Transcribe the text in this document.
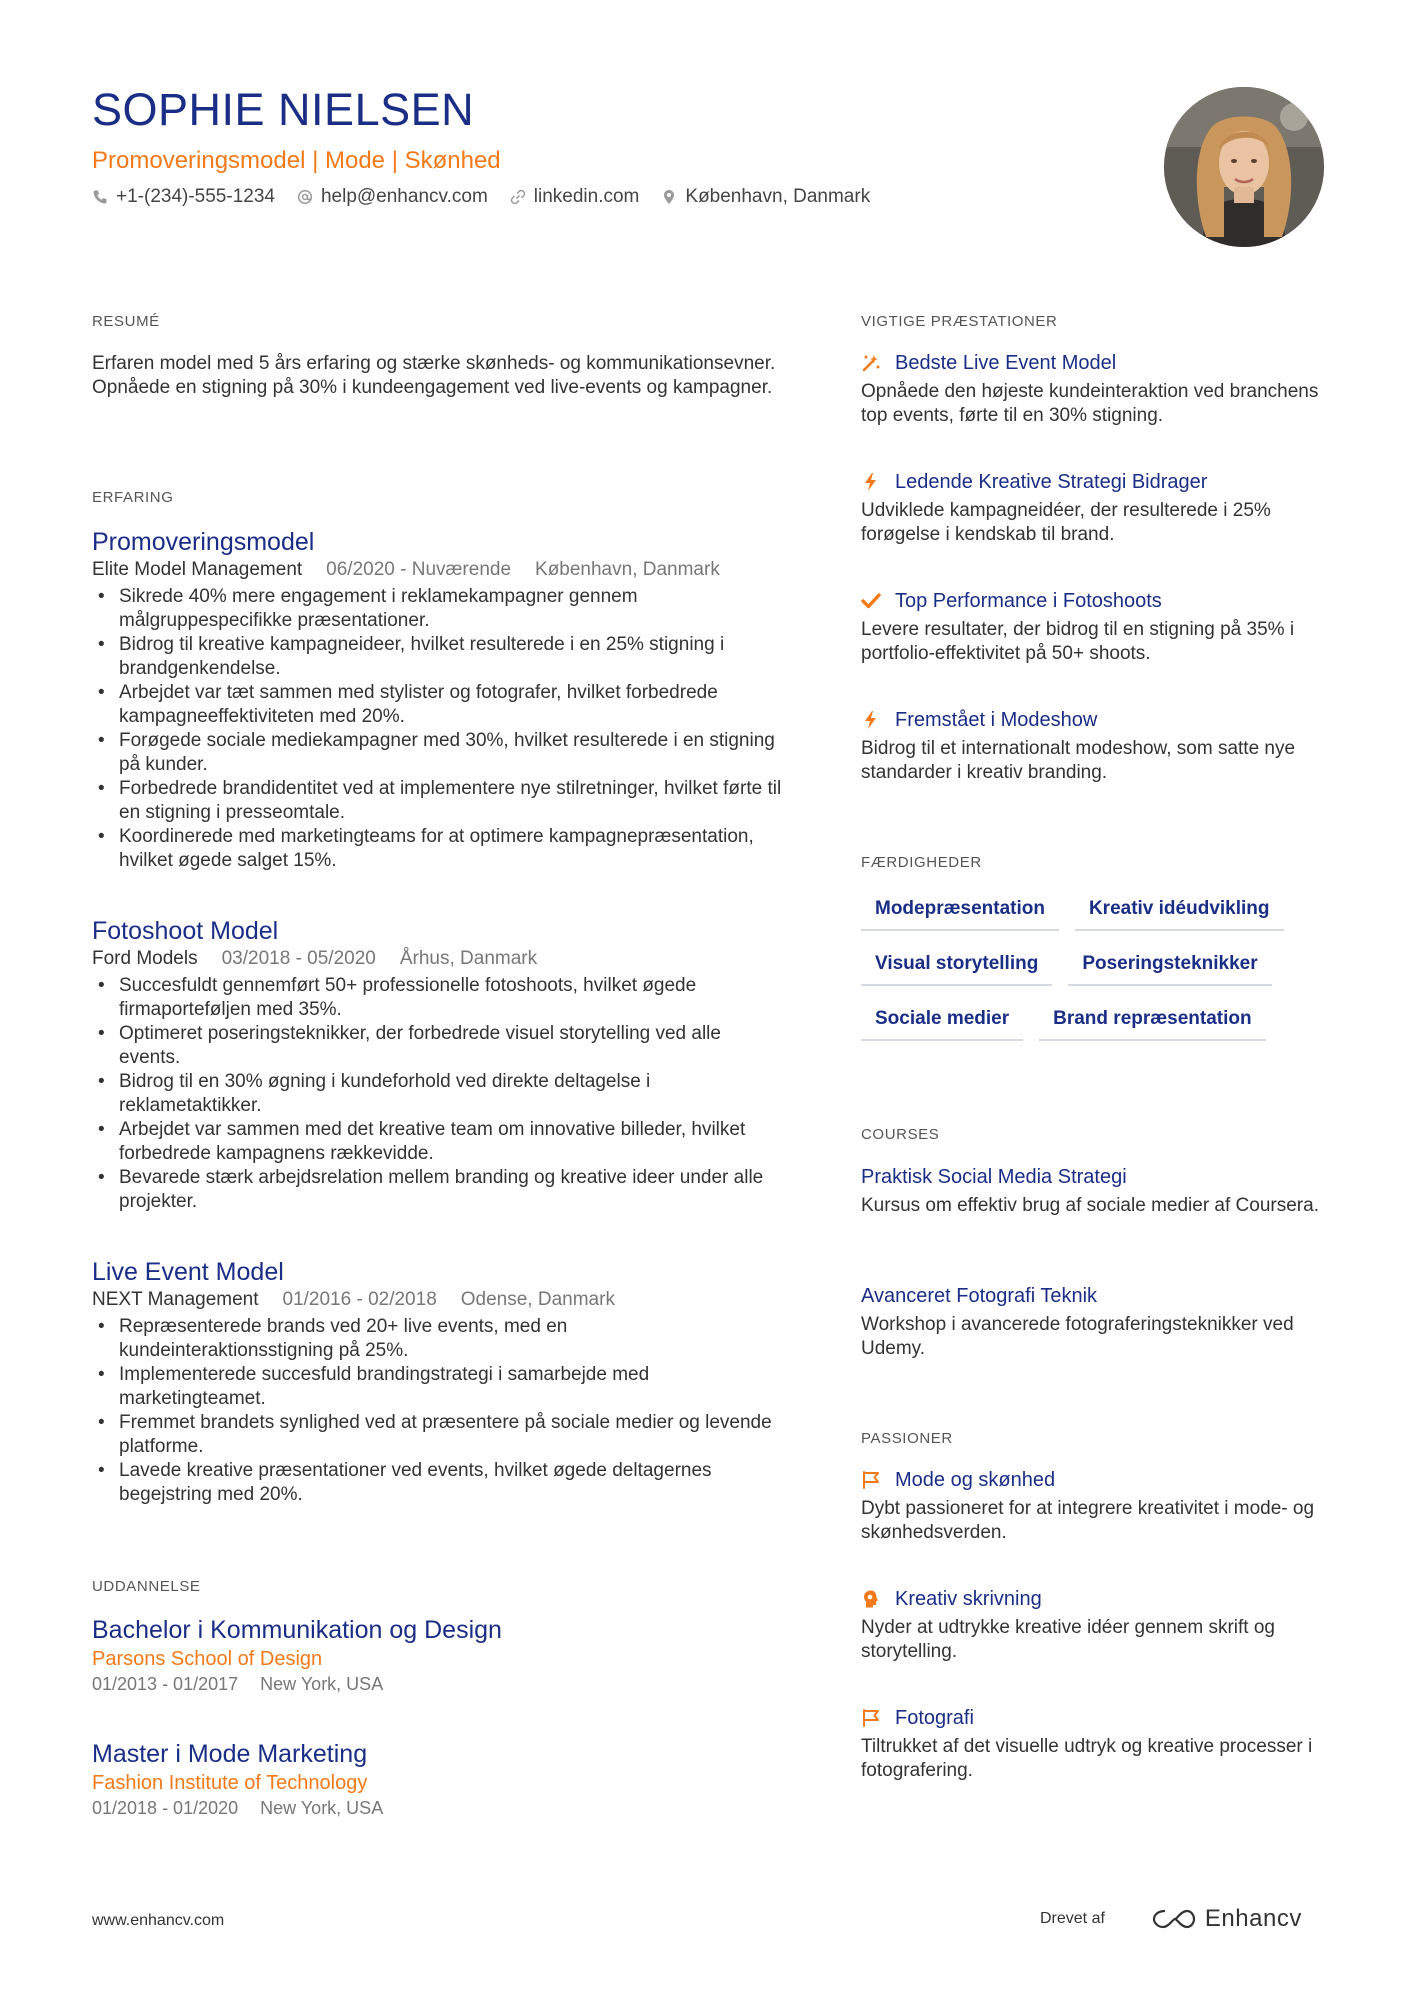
SOPHIE NIELSEN
Promoveringsmodel | Mode | Skønhed
+1-(234)-555-1234 help@enhancv.com linkedin.com København, Danmark
RESUMÉ
Erfaren model med 5 års erfaring og stærke skønheds- og kommunikationsevner. Opnåede en stigning på 30% i kundeengagement ved live-events og kampagner.
ERFARING
Promoveringsmodel
Elite Model Management 06/2020 - Nuværende København, Danmark
• Sikrede 40% mere engagement i reklamekampagner gennem målgruppespecifikke præsentationer.
• Bidrog til kreative kampagneideer, hvilket resulterede i en 25% stigning i brandgenkendelse.
• Arbejdet var tæt sammen med stylister og fotografer, hvilket forbedrede kampagneeffektiviteten med 20%.
• Forøgede sociale mediekampagner med 30%, hvilket resulterede i en stigning på kunder.
• Forbedrede brandidentitet ved at implementere nye stilretninger, hvilket førte til en stigning i presseomtale.
• Koordinerede med marketingteams for at optimere kampagnepræsentation, hvilket øgede salget 15%.
Fotoshoot Model
Ford Models 03/2018 - 05/2020 Århus, Danmark
• Succesfuldt gennemført 50+ professionelle fotoshoots, hvilket øgede firmaporteføljen med 35%.
• Optimeret poseringsteknikker, der forbedrede visuel storytelling ved alle events.
• Bidrog til en 30% øgning i kundeforhold ved direkte deltagelse i reklametaktikker.
• Arbejdet var sammen med det kreative team om innovative billeder, hvilket forbedrede kampagnens rækkevidde.
• Bevarede stærk arbejdsrelation mellem branding og kreative ideer under alle projekter.
Live Event Model
NEXT Management 01/2016 - 02/2018 Odense, Danmark
• Repræsenterede brands ved 20+ live events, med en kundeinteraktionsstigning på 25%.
• Implementerede succesfuld brandingstrategi i samarbejde med marketingteamet.
• Fremmet brandets synlighed ved at præsentere på sociale medier og levende platforme.
• Lavede kreative præsentationer ved events, hvilket øgede deltagernes begejstring med 20%.
UDDANNELSE
Bachelor i Kommunikation og Design
Parsons School of Design
01/2013 - 01/2017 New York, USA
Master i Mode Marketing
Fashion Institute of Technology
01/2018 - 01/2020 New York, USA
VIGTIGE PRÆSTATIONER
Bedste Live Event Model
Opnåede den højeste kundeinteraktion ved branchens top events, førte til en 30% stigning.
Ledende Kreative Strategi Bidrager
Udviklede kampagneidéer, der resulterede i 25% forøgelse i kendskab til brand.
Top Performance i Fotoshoots
Levere resultater, der bidrog til en stigning på 35% i portfolio-effektivitet på 50+ shoots.
Fremstået i Modeshow
Bidrog til et internationalt modeshow, som satte nye standarder i kreativ branding.
FÆRDIGHEDER
Modepræsentation	Kreativ idéudvikling
Visual storytelling	Poseringsteknikker
Sociale medier	Brand repræsentation
COURSES
Praktisk Social Media Strategi
Kursus om effektiv brug af sociale medier af Coursera.
Avanceret Fotografi Teknik
Workshop i avancerede fotograferingsteknikker ved Udemy.
PASSIONER
Mode og skønhed
Dybt passioneret for at integrere kreativitet i mode- og skønhedsverden.
Kreativ skrivning
Nyder at udtrykke kreative idéer gennem skrift og storytelling.
Fotografi
Tiltrukket af det visuelle udtryk og kreative processer i fotografering.
www.enhancv.com	Drevet af	Enhancv
